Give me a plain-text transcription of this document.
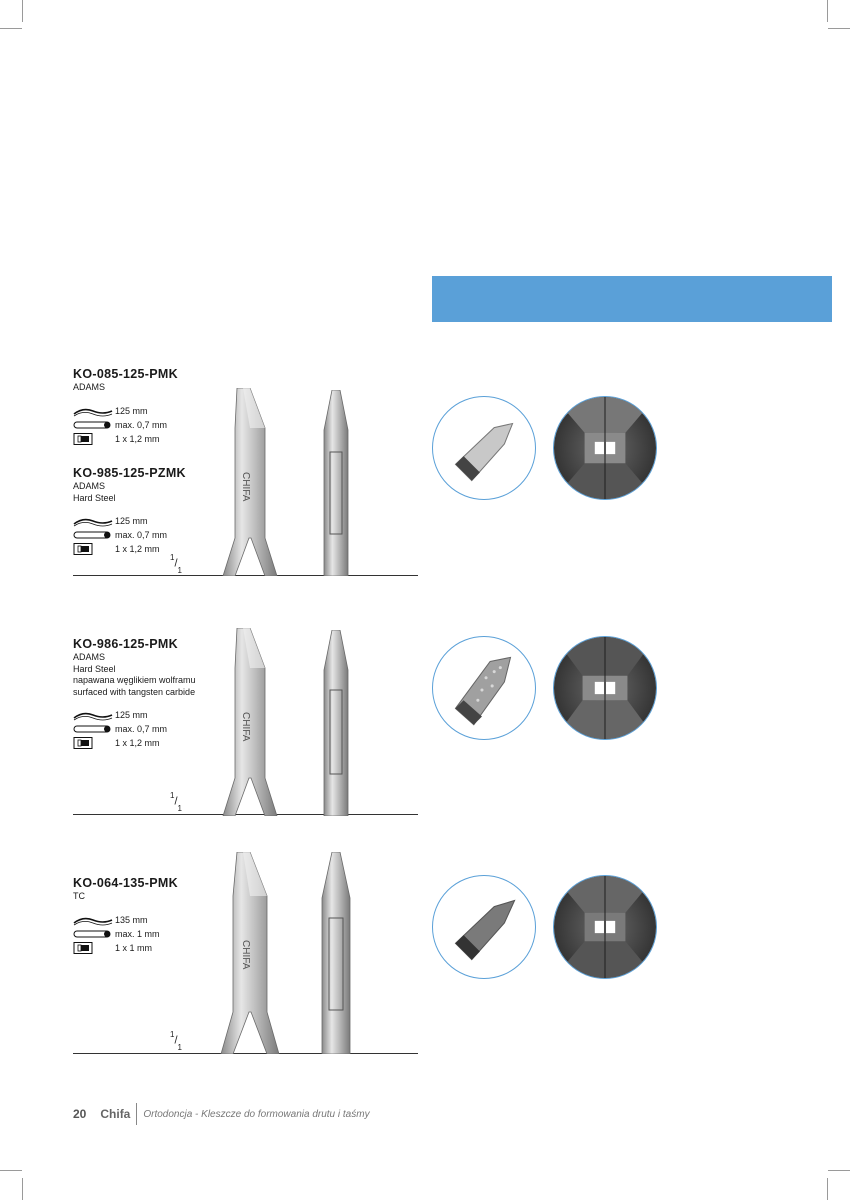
KO-085-125-PMK
ADAMS
125 mm
max. 0,7 mm
1 x 1,2 mm
KO-985-125-PZMK
ADAMS
Hard Steel
125 mm
max. 0,7 mm
1 x 1,2 mm
$^1/_1$
KO-986-125-PMK
ADAMS
Hard Steel
napawana węglikiem wolframu
surfaced with tangsten carbide
125 mm
max. 0,7 mm
1 x 1,2 mm
$^1/_1$
KO-064-135-PMK
TC
135 mm
max. 1 mm
1 x 1 mm
$^1/_1$
CHIFA
CHIFA
CHIFA
20 Chifa Ortodoncja - Kleszcze do formowania drutu i taśmy
